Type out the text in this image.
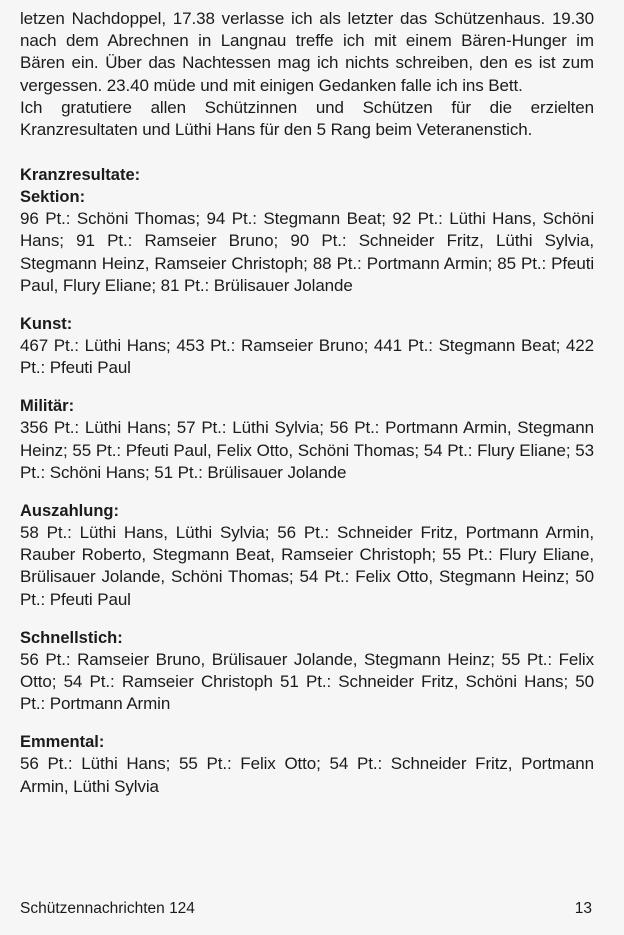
letzen Nachdoppel, 17.38 verlasse ich als letzter das Schützenhaus. 19.30 nach dem Abrechnen in Langnau treffe ich mit einem Bären-Hunger im Bären ein. Über das Nachtessen mag ich nichts schreiben, den es ist zum vergessen. 23.40 müde und mit einigen Gedanken falle ich ins Bett.

Ich gratutiere allen Schützinnen und Schützen für die erzielten Kranzresultaten und Lüthi Hans für den 5 Rang beim Veteranenstich.

Kranzresultate:

Sektion:

96 Pt.: Schöni Thomas; 94 Pt.: Stegmann Beat; 92 Pt.: Lüthi Hans, Schöni Hans; 91 Pt.: Ramseier Bruno; 90 Pt.: Schneider Fritz, Lüthi Sylvia, Stegmann Heinz, Ramseier Christoph; 88 Pt.: Portmann Armin; 85 Pt.: Pfeuti Paul, Flury Eliane; 81 Pt.: Brülisauer Jolande

Kunst:

467 Pt.: Lüthi Hans; 453 Pt.: Ramseier Bruno; 441 Pt.: Stegmann Beat; 422 Pt.: Pfeuti Paul

Militär:

356 Pt.: Lüthi Hans; 57 Pt.: Lüthi Sylvia; 56 Pt.: Portmann Armin, Stegmann Heinz; 55 Pt.: Pfeuti Paul, Felix Otto, Schöni Thomas; 54 Pt.: Flury Eliane; 53 Pt.: Schöni Hans; 51 Pt.: Brülisauer Jolande

Auszahlung:

58 Pt.: Lüthi Hans, Lüthi Sylvia; 56 Pt.: Schneider Fritz, Portmann Armin, Rauber Roberto, Stegmann Beat, Ramseier Christoph; 55 Pt.: Flury Eliane, Brülisauer Jolande, Schöni Thomas; 54 Pt.: Felix Otto, Stegmann Heinz; 50 Pt.: Pfeuti Paul

Schnellstich:

56 Pt.: Ramseier Bruno, Brülisauer Jolande, Stegmann Heinz; 55 Pt.: Felix Otto; 54 Pt.: Ramseier Christoph 51 Pt.: Schneider Fritz, Schöni Hans; 50 Pt.: Portmann Armin

Emmental:

56 Pt.: Lüthi Hans; 55 Pt.: Felix Otto; 54 Pt.: Schneider Fritz, Portmann Armin, Lüthi Sylvia

Schützennachrichten 124	13
